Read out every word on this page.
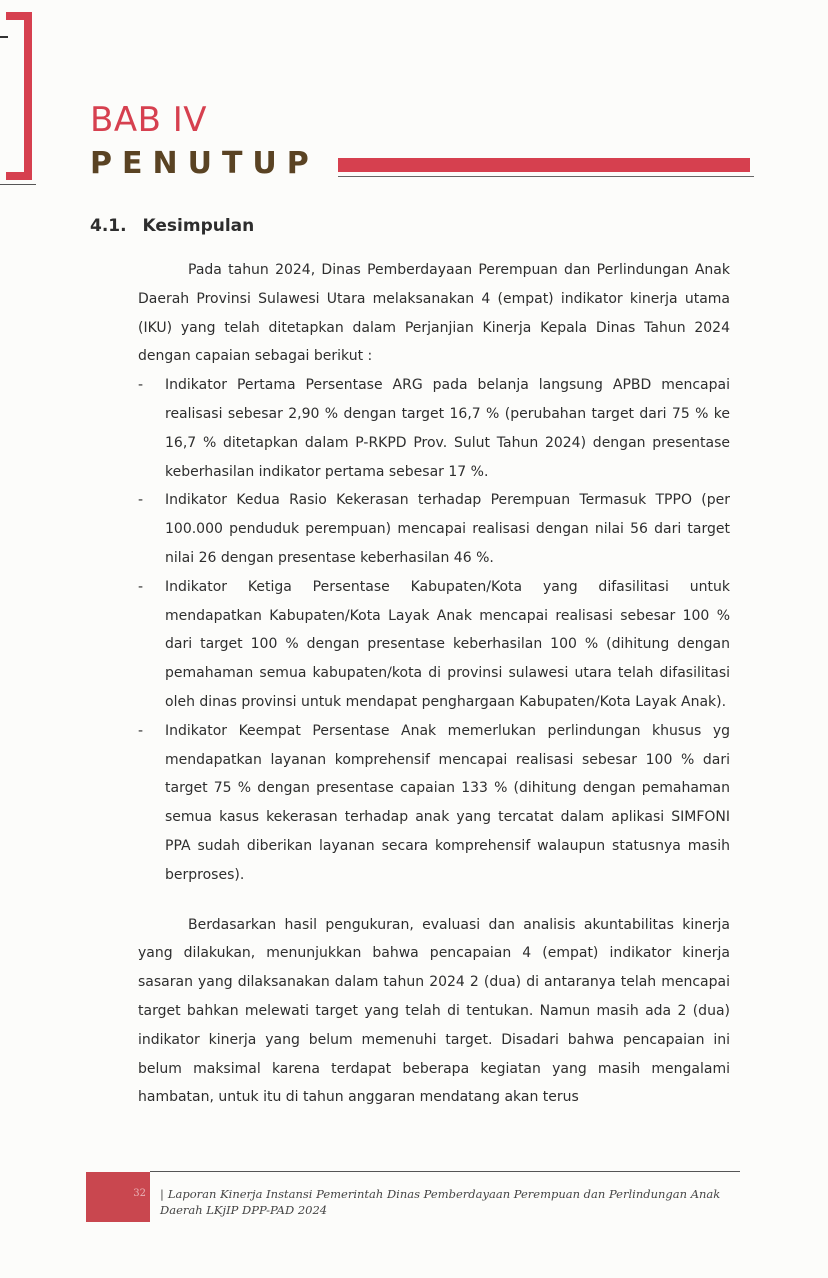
BAB IV
PENUTUP
4.1. Kesimpulan

Pada tahun 2024, Dinas Pemberdayaan Perempuan dan Perlindungan Anak Daerah Provinsi Sulawesi Utara melaksanakan 4 (empat) indikator kinerja utama (IKU) yang telah ditetapkan dalam Perjanjian Kinerja Kepala Dinas Tahun 2024 dengan capaian sebagai berikut :

- Indikator Pertama Persentase ARG pada belanja langsung APBD mencapai realisasi sebesar 2,90 % dengan target 16,7 % (perubahan target dari 75 % ke 16,7 % ditetapkan dalam P-RKPD Prov. Sulut Tahun 2024) dengan presentase keberhasilan indikator pertama sebesar 17 %.
- Indikator Kedua Rasio Kekerasan terhadap Perempuan Termasuk TPPO (per 100.000 penduduk perempuan) mencapai realisasi dengan nilai 56 dari target nilai 26 dengan presentase keberhasilan 46 %.
- Indikator Ketiga Persentase Kabupaten/Kota yang difasilitasi untuk mendapatkan Kabupaten/Kota Layak Anak mencapai realisasi sebesar 100 % dari target 100 % dengan presentase keberhasilan 100 % (dihitung dengan pemahaman semua kabupaten/kota di provinsi sulawesi utara telah difasilitasi oleh dinas provinsi untuk mendapat penghargaan Kabupaten/Kota Layak Anak).
- Indikator Keempat Persentase Anak memerlukan perlindungan khusus yg mendapatkan layanan komprehensif mencapai realisasi sebesar 100 % dari target 75 % dengan presentase capaian 133 % (dihitung dengan pemahaman semua kasus kekerasan terhadap anak yang tercatat dalam aplikasi SIMFONI PPA sudah diberikan layanan secara komprehensif walaupun statusnya masih berproses).

Berdasarkan hasil pengukuran, evaluasi dan analisis akuntabilitas kinerja yang dilakukan, menunjukkan bahwa pencapaian 4 (empat) indikator kinerja sasaran yang dilaksanakan dalam tahun 2024 2 (dua) di antaranya telah mencapai target bahkan melewati target yang telah di tentukan. Namun masih ada 2 (dua) indikator kinerja yang belum memenuhi target. Disadari bahwa pencapaian ini belum maksimal karena terdapat beberapa kegiatan yang masih mengalami hambatan, untuk itu di tahun anggaran mendatang akan terus

32	| Laporan Kinerja Instansi Pemerintah Dinas Pemberdayaan Perempuan dan Perlindungan Anak Daerah LKjIP DPP-PAD 2024
